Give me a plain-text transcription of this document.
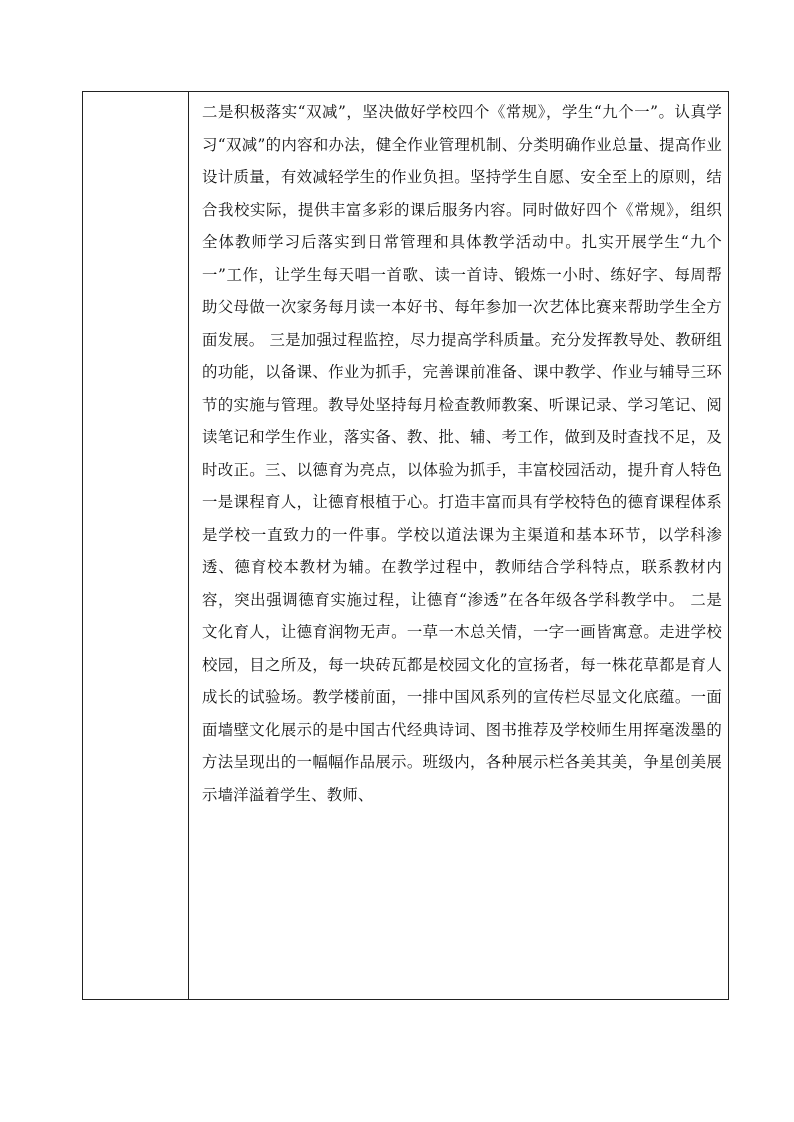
二是积极落实“双减”，坚决做好学校四个《常规》，学生“九个一”。认真学习“双减”的内容和办法，健全作业管理机制、分类明确作业总量、提高作业设计质量，有效减轻学生的作业负担。坚持学生自愿、安全至上的原则，结合我校实际，提供丰富多彩的课后服务内容。同时做好四个《常规》，组织全体教师学习后落实到日常管理和具体教学活动中。扎实开展学生“九个一”工作，让学生每天唱一首歌、读一首诗、锻炼一小时、练好字、每周帮助父母做一次家务每月读一本好书、每年参加一次艺体比赛来帮助学生全方面发展。 三是加强过程监控，尽力提高学科质量。充分发挥教导处、教研组的功能，以备课、作业为抓手，完善课前准备、课中教学、作业与辅导三环节的实施与管理。教导处坚持每月检查教师教案、听课记录、学习笔记、阅读笔记和学生作业，落实备、教、批、辅、考工作，做到及时查找不足，及时改正。三、以德育为亮点，以体验为抓手，丰富校园活动，提升育人特色 一是课程育人，让德育根植于心。打造丰富而具有学校特色的德育课程体系是学校一直致力的一件事。学校以道法课为主渠道和基本环节，以学科渗透、德育校本教材为辅。在教学过程中，教师结合学科特点，联系教材内容，突出强调德育实施过程，让德育“渗透”在各年级各学科教学中。 二是文化育人，让德育润物无声。一草一木总关情，一字一画皆寓意。走进学校校园，目之所及，每一块砖瓦都是校园文化的宣扬者，每一株花草都是育人成长的试验场。教学楼前面，一排中国风系列的宣传栏尽显文化底蕴。一面面墙壁文化展示的是中国古代经典诗词、图书推荐及学校师生用挥毫泼墨的方法呈现出的一幅幅作品展示。班级内，各种展示栏各美其美，争星创美展示墙洋溢着学生、教师、
